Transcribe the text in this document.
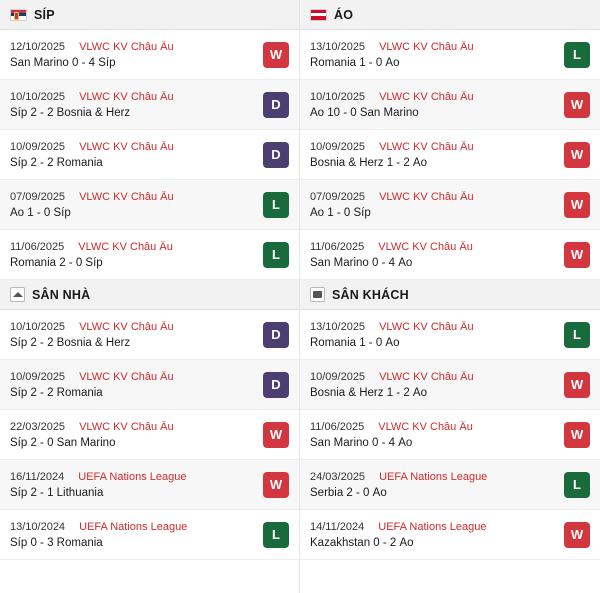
SÍP
12/10/2025 VLWC KV Châu Âu
San Marino 0 - 4 Síp
W
10/10/2025 VLWC KV Châu Âu
Síp 2 - 2 Bosnia & Herz
D
10/09/2025 VLWC KV Châu Âu
Síp 2 - 2 Romania
D
07/09/2025 VLWC KV Châu Âu
Áo 1 - 0 Síp
L
11/06/2025 VLWC KV Châu Âu
Romania 2 - 0 Síp
L
SÂN NHÀ
10/10/2025 VLWC KV Châu Âu
Síp 2 - 2 Bosnia & Herz
D
10/09/2025 VLWC KV Châu Âu
Síp 2 - 2 Romania
D
22/03/2025 VLWC KV Châu Âu
Síp 2 - 0 San Marino
W
16/11/2024 UEFA Nations League
Síp 2 - 1 Lithuania
W
13/10/2024 UEFA Nations League
Síp 0 - 3 Romania
L
ÁO
13/10/2025 VLWC KV Châu Âu
Romania 1 - 0 Áo
L
10/10/2025 VLWC KV Châu Âu
Áo 10 - 0 San Marino
W
10/09/2025 VLWC KV Châu Âu
Bosnia & Herz 1 - 2 Áo
W
07/09/2025 VLWC KV Châu Âu
Áo 1 - 0 Síp
W
11/06/2025 VLWC KV Châu Âu
San Marino 0 - 4 Áo
W
SÂN KHÁCH
13/10/2025 VLWC KV Châu Âu
Romania 1 - 0 Áo
L
10/09/2025 VLWC KV Châu Âu
Bosnia & Herz 1 - 2 Áo
W
11/06/2025 VLWC KV Châu Âu
San Marino 0 - 4 Áo
W
24/03/2025 UEFA Nations League
Serbia 2 - 0 Áo
L
14/11/2024 UEFA Nations League
Kazakhstan 0 - 2 Áo
W
